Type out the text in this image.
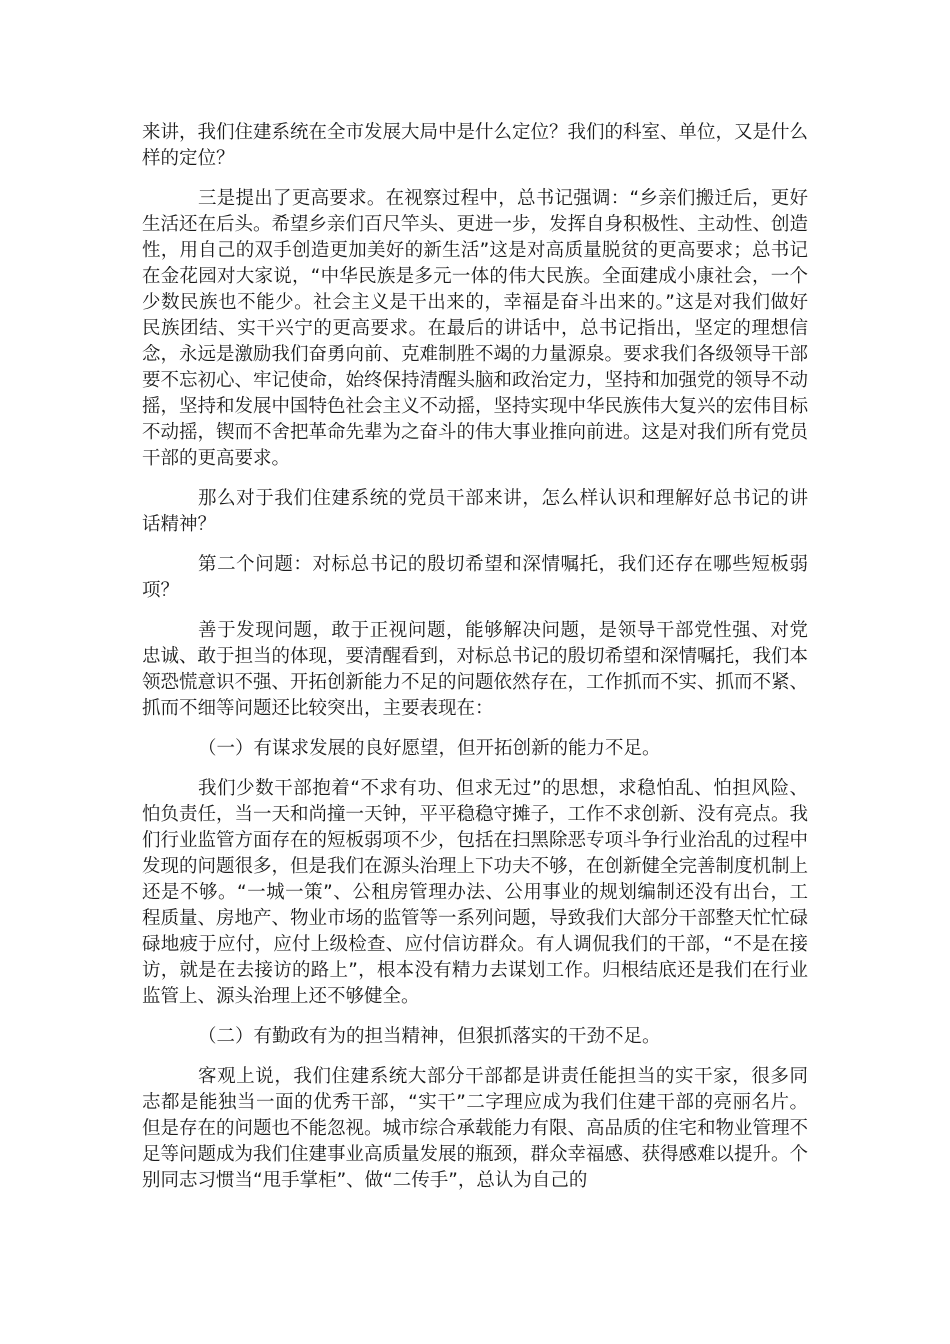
来讲，我们住建系统在全市发展大局中是什么定位？我们的科室、单位，又是什么样的定位？

三是提出了更高要求。在视察过程中，总书记强调：“乡亲们搬迁后，更好生活还在后头。希望乡亲们百尺竿头、更进一步，发挥自身积极性、主动性、创造性，用自己的双手创造更加美好的新生活”这是对高质量脱贫的更高要求；总书记在金花园对大家说，“中华民族是多元一体的伟大民族。全面建成小康社会，一个少数民族也不能少。社会主义是干出来的，幸福是奋斗出来的。”这是对我们做好民族团结、实干兴宁的更高要求。在最后的讲话中，总书记指出，坚定的理想信念，永远是激励我们奋勇向前、克难制胜不竭的力量源泉。要求我们各级领导干部要不忘初心、牢记使命，始终保持清醒头脑和政治定力，坚持和加强党的领导不动摇，坚持和发展中国特色社会主义不动摇，坚持实现中华民族伟大复兴的宏伟目标不动摇，锲而不舍把革命先辈为之奋斗的伟大事业推向前进。这是对我们所有党员干部的更高要求。

那么对于我们住建系统的党员干部来讲，怎么样认识和理解好总书记的讲话精神？

第二个问题：对标总书记的殷切希望和深情嘱托，我们还存在哪些短板弱项？

善于发现问题，敢于正视问题，能够解决问题，是领导干部党性强、对党忠诚、敢于担当的体现，要清醒看到，对标总书记的殷切希望和深情嘱托，我们本领恐慌意识不强、开拓创新能力不足的问题依然存在，工作抓而不实、抓而不紧、抓而不细等问题还比较突出，主要表现在：

（一）有谋求发展的良好愿望，但开拓创新的能力不足。

我们少数干部抱着“不求有功、但求无过”的思想，求稳怕乱、怕担风险、怕负责任，当一天和尚撞一天钟，平平稳稳守摊子，工作不求创新、没有亮点。我们行业监管方面存在的短板弱项不少，包括在扫黑除恶专项斗争行业治乱的过程中发现的问题很多，但是我们在源头治理上下功夫不够，在创新健全完善制度机制上还是不够。“一城一策”、公租房管理办法、公用事业的规划编制还没有出台，工程质量、房地产、物业市场的监管等一系列问题，导致我们大部分干部整天忙忙碌碌地疲于应付，应付上级检查、应付信访群众。有人调侃我们的干部，“不是在接访，就是在去接访的路上”，根本没有精力去谋划工作。归根结底还是我们在行业监管上、源头治理上还不够健全。

（二）有勤政有为的担当精神，但狠抓落实的干劲不足。

客观上说，我们住建系统大部分干部都是讲责任能担当的实干家，很多同志都是能独当一面的优秀干部，“实干”二字理应成为我们住建干部的亮丽名片。但是存在的问题也不能忽视。城市综合承载能力有限、高品质的住宅和物业管理不足等问题成为我们住建事业高质量发展的瓶颈，群众幸福感、获得感难以提升。个别同志习惯当“甩手掌柜”、做“二传手”，总认为自己的
